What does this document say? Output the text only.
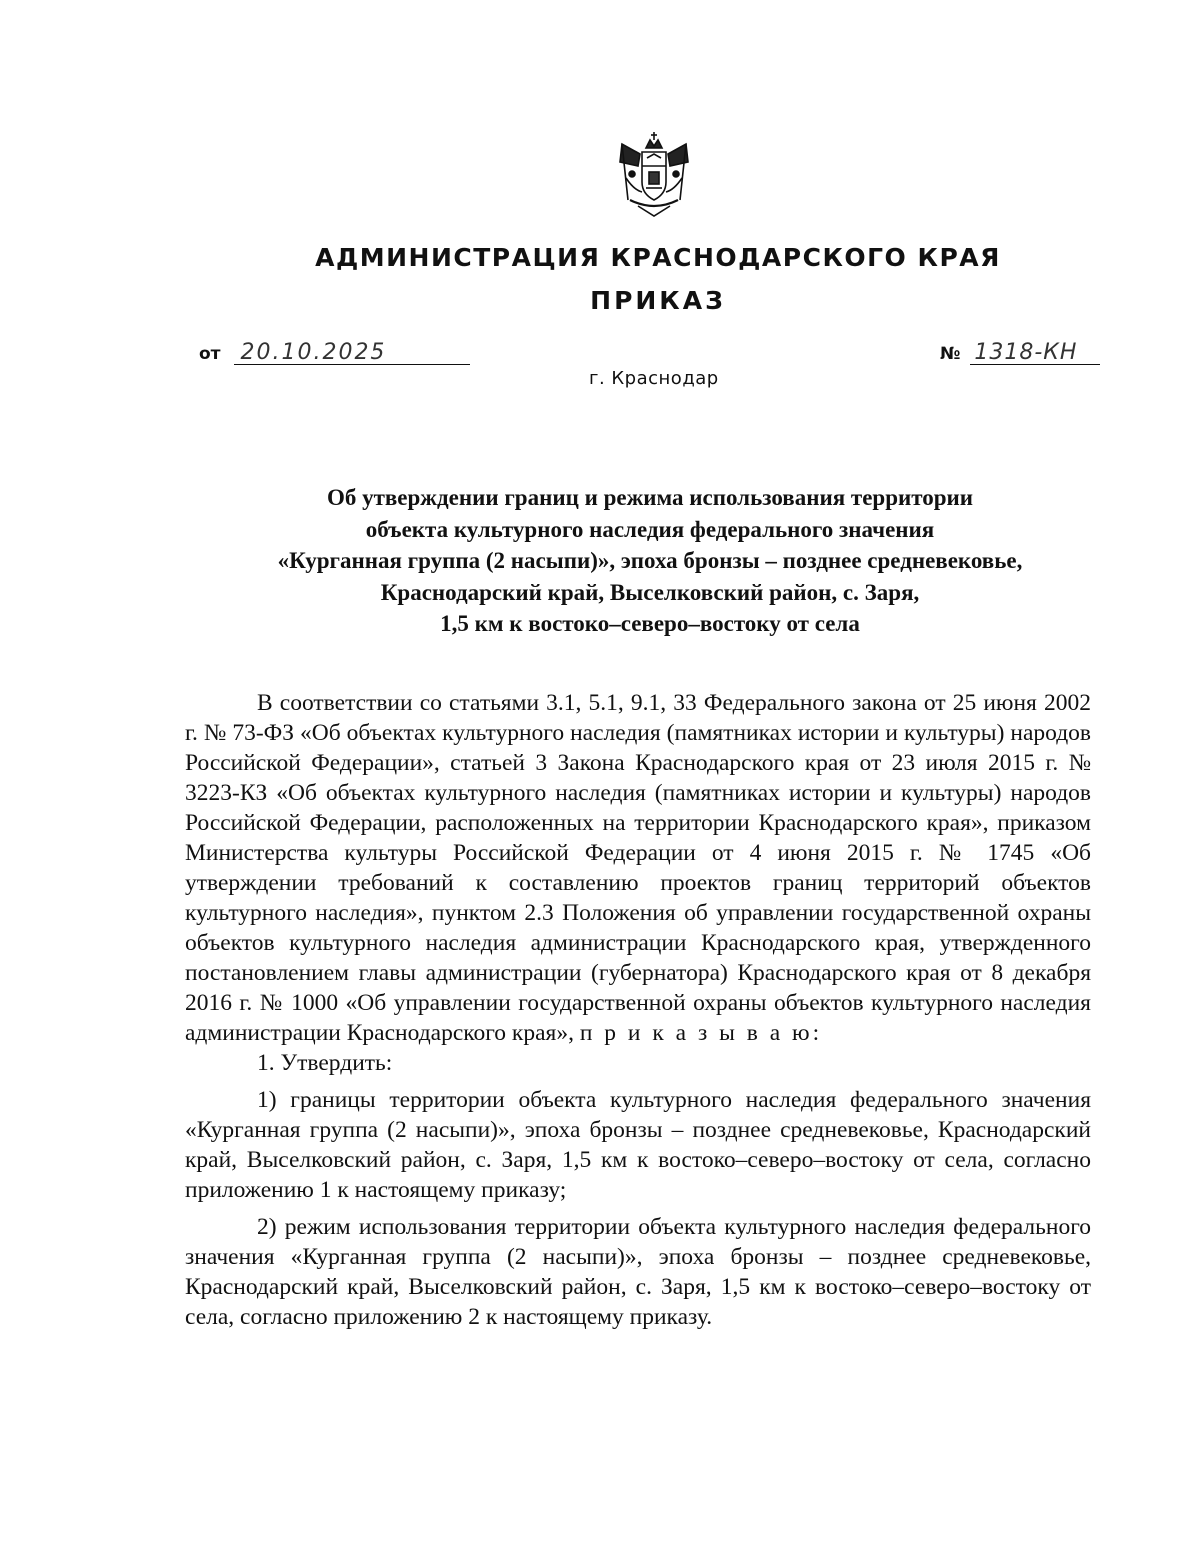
АДМИНИСТРАЦИЯ КРАСНОДАРСКОГО КРАЯ
ПРИКАЗ
от 20.10.2025	№ 1318-КН
г. Краснодар
Об утверждении границ и режима использования территории
объекта культурного наследия федерального значения
«Курганная группа (2 насыпи)», эпоха бронзы – позднее средневековье,
Краснодарский край, Выселковский район, с. Заря,
1,5 км к востоко–северо–востоку от села

В соответствии со статьями 3.1, 5.1, 9.1, 33 Федерального закона от 25 июня 2002 г. № 73-ФЗ «Об объектах культурного наследия (памятниках истории и культуры) народов Российской Федерации», статьей 3 Закона Краснодарского края от 23 июля 2015 г. № 3223-КЗ «Об объектах культурного наследия (памятниках истории и культуры) народов Российской Федерации, расположенных на территории Краснодарского края», приказом Министерства культуры Российской Федерации от 4 июня 2015 г. № 1745 «Об утверждении требований к составлению проектов границ территорий объектов культурного наследия», пунктом 2.3 Положения об управлении государственной охраны объектов культурного наследия администрации Краснодарского края, утвержденного постановлением главы администрации (губернатора) Краснодарского края от 8 декабря 2016 г. № 1000 «Об управлении государственной охраны объектов культурного наследия администрации Краснодарского края», п р и к а з ы в а ю:

1. Утвердить:

1) границы территории объекта культурного наследия федерального значения «Курганная группа (2 насыпи)», эпоха бронзы – позднее средневековье, Краснодарский край, Выселковский район, с. Заря, 1,5 км к востоко–северо–востоку от села, согласно приложению 1 к настоящему приказу;

2) режим использования территории объекта культурного наследия федерального значения «Курганная группа (2 насыпи)», эпоха бронзы – позднее средневековье, Краснодарский край, Выселковский район, с. Заря, 1,5 км к востоко–северо–востоку от села, согласно приложению 2 к настоящему приказу.
